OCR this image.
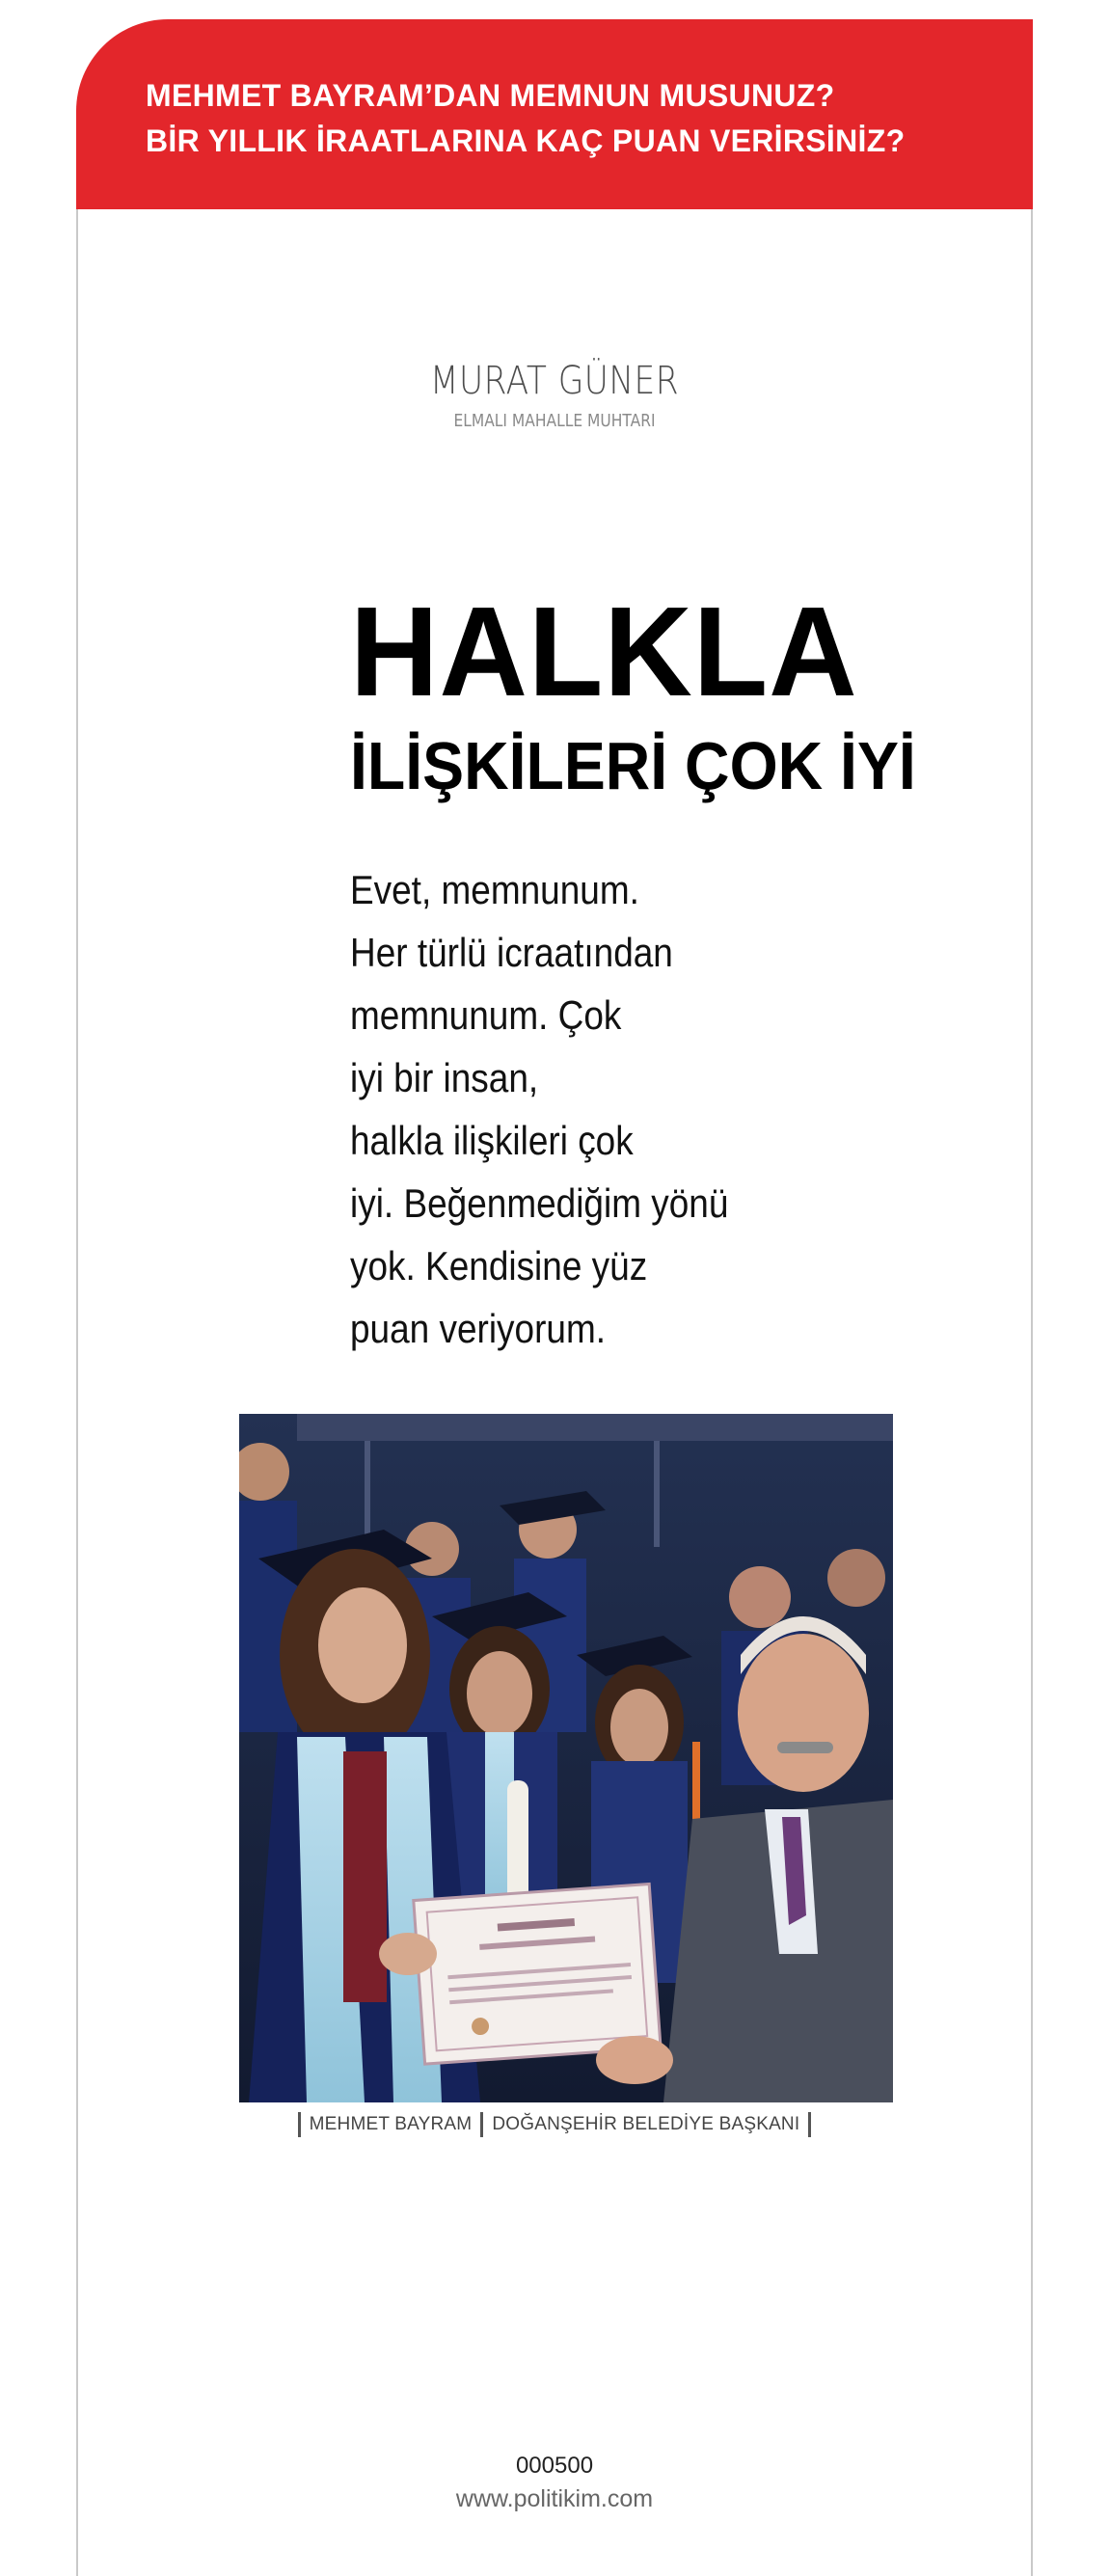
MEHMET BAYRAM’DAN MEMNUN MUSUNUZ?
BİR YILLIK İRAATLARINA KAÇ PUAN VERİRSİNİZ?
MURAT GÜNER
ELMALI MAHALLE MUHTARI
HALKLA
İLİŞKİLERİ ÇOK İYİ
Evet, memnunum.
Her türlü icraatından
memnunum. Çok
iyi bir insan,
halkla ilişkileri çok
iyi. Beğenmediğim yönü
yok. Kendisine yüz
puan veriyorum.
MEHMET BAYRAM DOĞANŞEHİR BELEDİYE BAŞKANI
000500
www.politikim.com
